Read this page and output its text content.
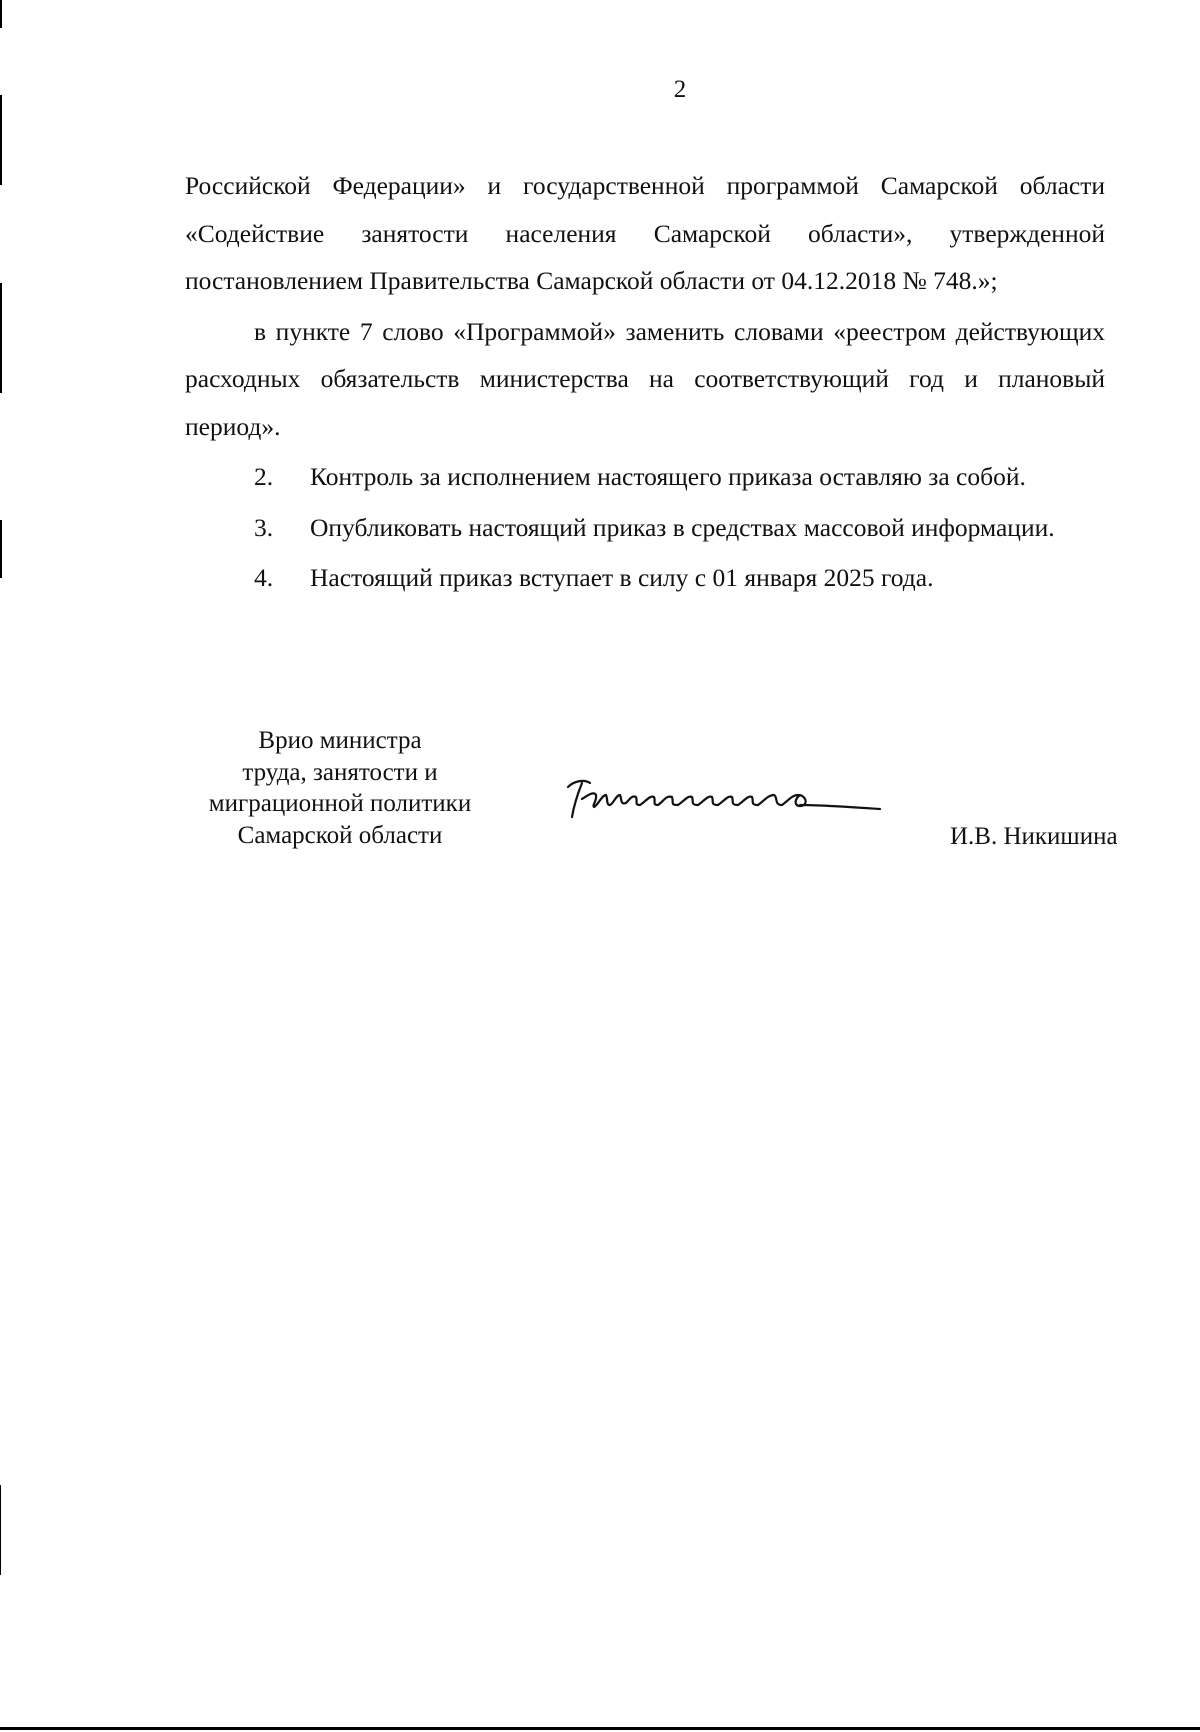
2

Российской Федерации» и государственной программой Самарской области «Содействие занятости населения Самарской области», утвержденной постановлением Правительства Самарской области от 04.12.2018 № 748.»;

в пункте 7 слово «Программой» заменить словами «реестром действующих расходных обязательств министерства на соответствующий год и плановый период».

2. Контроль за исполнением настоящего приказа оставляю за собой.

3. Опубликовать настоящий приказ в средствах массовой информации.

4. Настоящий приказ вступает в силу с 01 января 2025 года.

Врио министра
труда, занятости и
миграционной политики
Самарской области	И.В. Никишина
